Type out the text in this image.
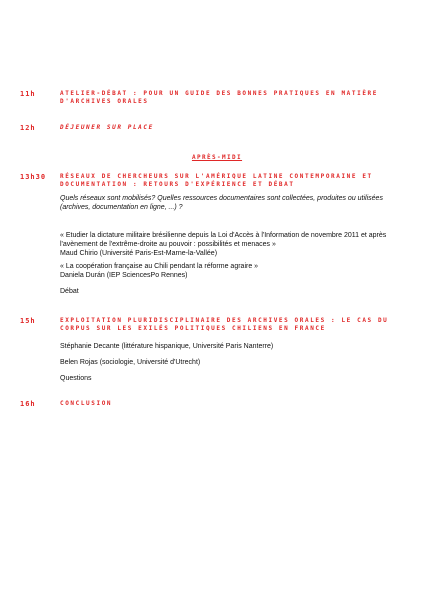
11h	ATELIER-DÉBAT : POUR UN GUIDE DES BONNES PRATIQUES EN MATIÈRE D'ARCHIVES ORALES
12h	DÉJEUNER SUR PLACE
APRÈS-MIDI
13h30 RÉSEAUX DE CHERCHEURS SUR L'AMÉRIQUE LATINE CONTEMPORAINE ET DOCUMENTATION : RETOURS D'EXPÉRIENCE ET DÉBAT
Quels réseaux sont mobilisés? Quelles ressources documentaires sont collectées, produites ou utilisées (archives, documentation en ligne, ...) ?
« Etudier la dictature militaire brésilienne depuis la Loi d'Accès à l'Information de novembre 2011 et après l'avènement de l'extrême-droite au pouvoir : possibilités et menaces »
Maud Chirio (Université Paris-Est-Marne-la-Vallée)
« La coopération française au Chili pendant la réforme agraire »
Daniela Durán (IEP SciencesPo Rennes)
Débat
15h	EXPLOITATION PLURIDISCIPLINAIRE DES ARCHIVES ORALES : LE CAS DU CORPUS SUR LES EXILÉS POLITIQUES CHILIENS EN FRANCE
Stéphanie Decante (littérature hispanique, Université Paris Nanterre)
Belen Rojas (sociologie, Université d'Utrecht)
Questions
16h	CONCLUSION
